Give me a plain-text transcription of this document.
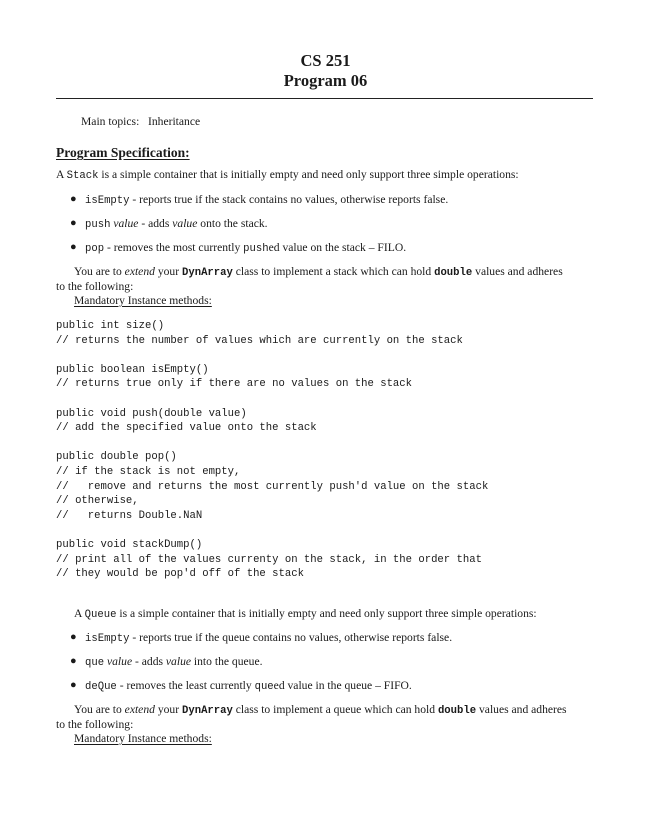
CS 251
Program 06
Main topics: Inheritance
Program Specification:
A Stack is a simple container that is initially empty and need only support three simple operations:
● isEmpty - reports true if the stack contains no values, otherwise reports false.
● push value - adds value onto the stack.
● pop - removes the most currently pushed value on the stack – FILO.
You are to extend your DynArray class to implement a stack which can hold double values and adheres
to the following:
Mandatory Instance methods:
public int size()
// returns the number of values which are currently on the stack
public boolean isEmpty()
// returns true only if there are no values on the stack
public void push(double value)
// add the specified value onto the stack
public double pop()
// if the stack is not empty,
//   remove and returns the most currently push'd value on the stack
// otherwise,
//   returns Double.NaN
public void stackDump()
// print all of the values currenty on the stack, in the order that
// they would be pop'd off of the stack
A Queue is a simple container that is initially empty and need only support three simple operations:
● isEmpty - reports true if the queue contains no values, otherwise reports false.
● que value - adds value into the queue.
● deQue - removes the least currently queed value in the queue – FIFO.
You are to extend your DynArray class to implement a queue which can hold double values and adheres
to the following:
Mandatory Instance methods:
